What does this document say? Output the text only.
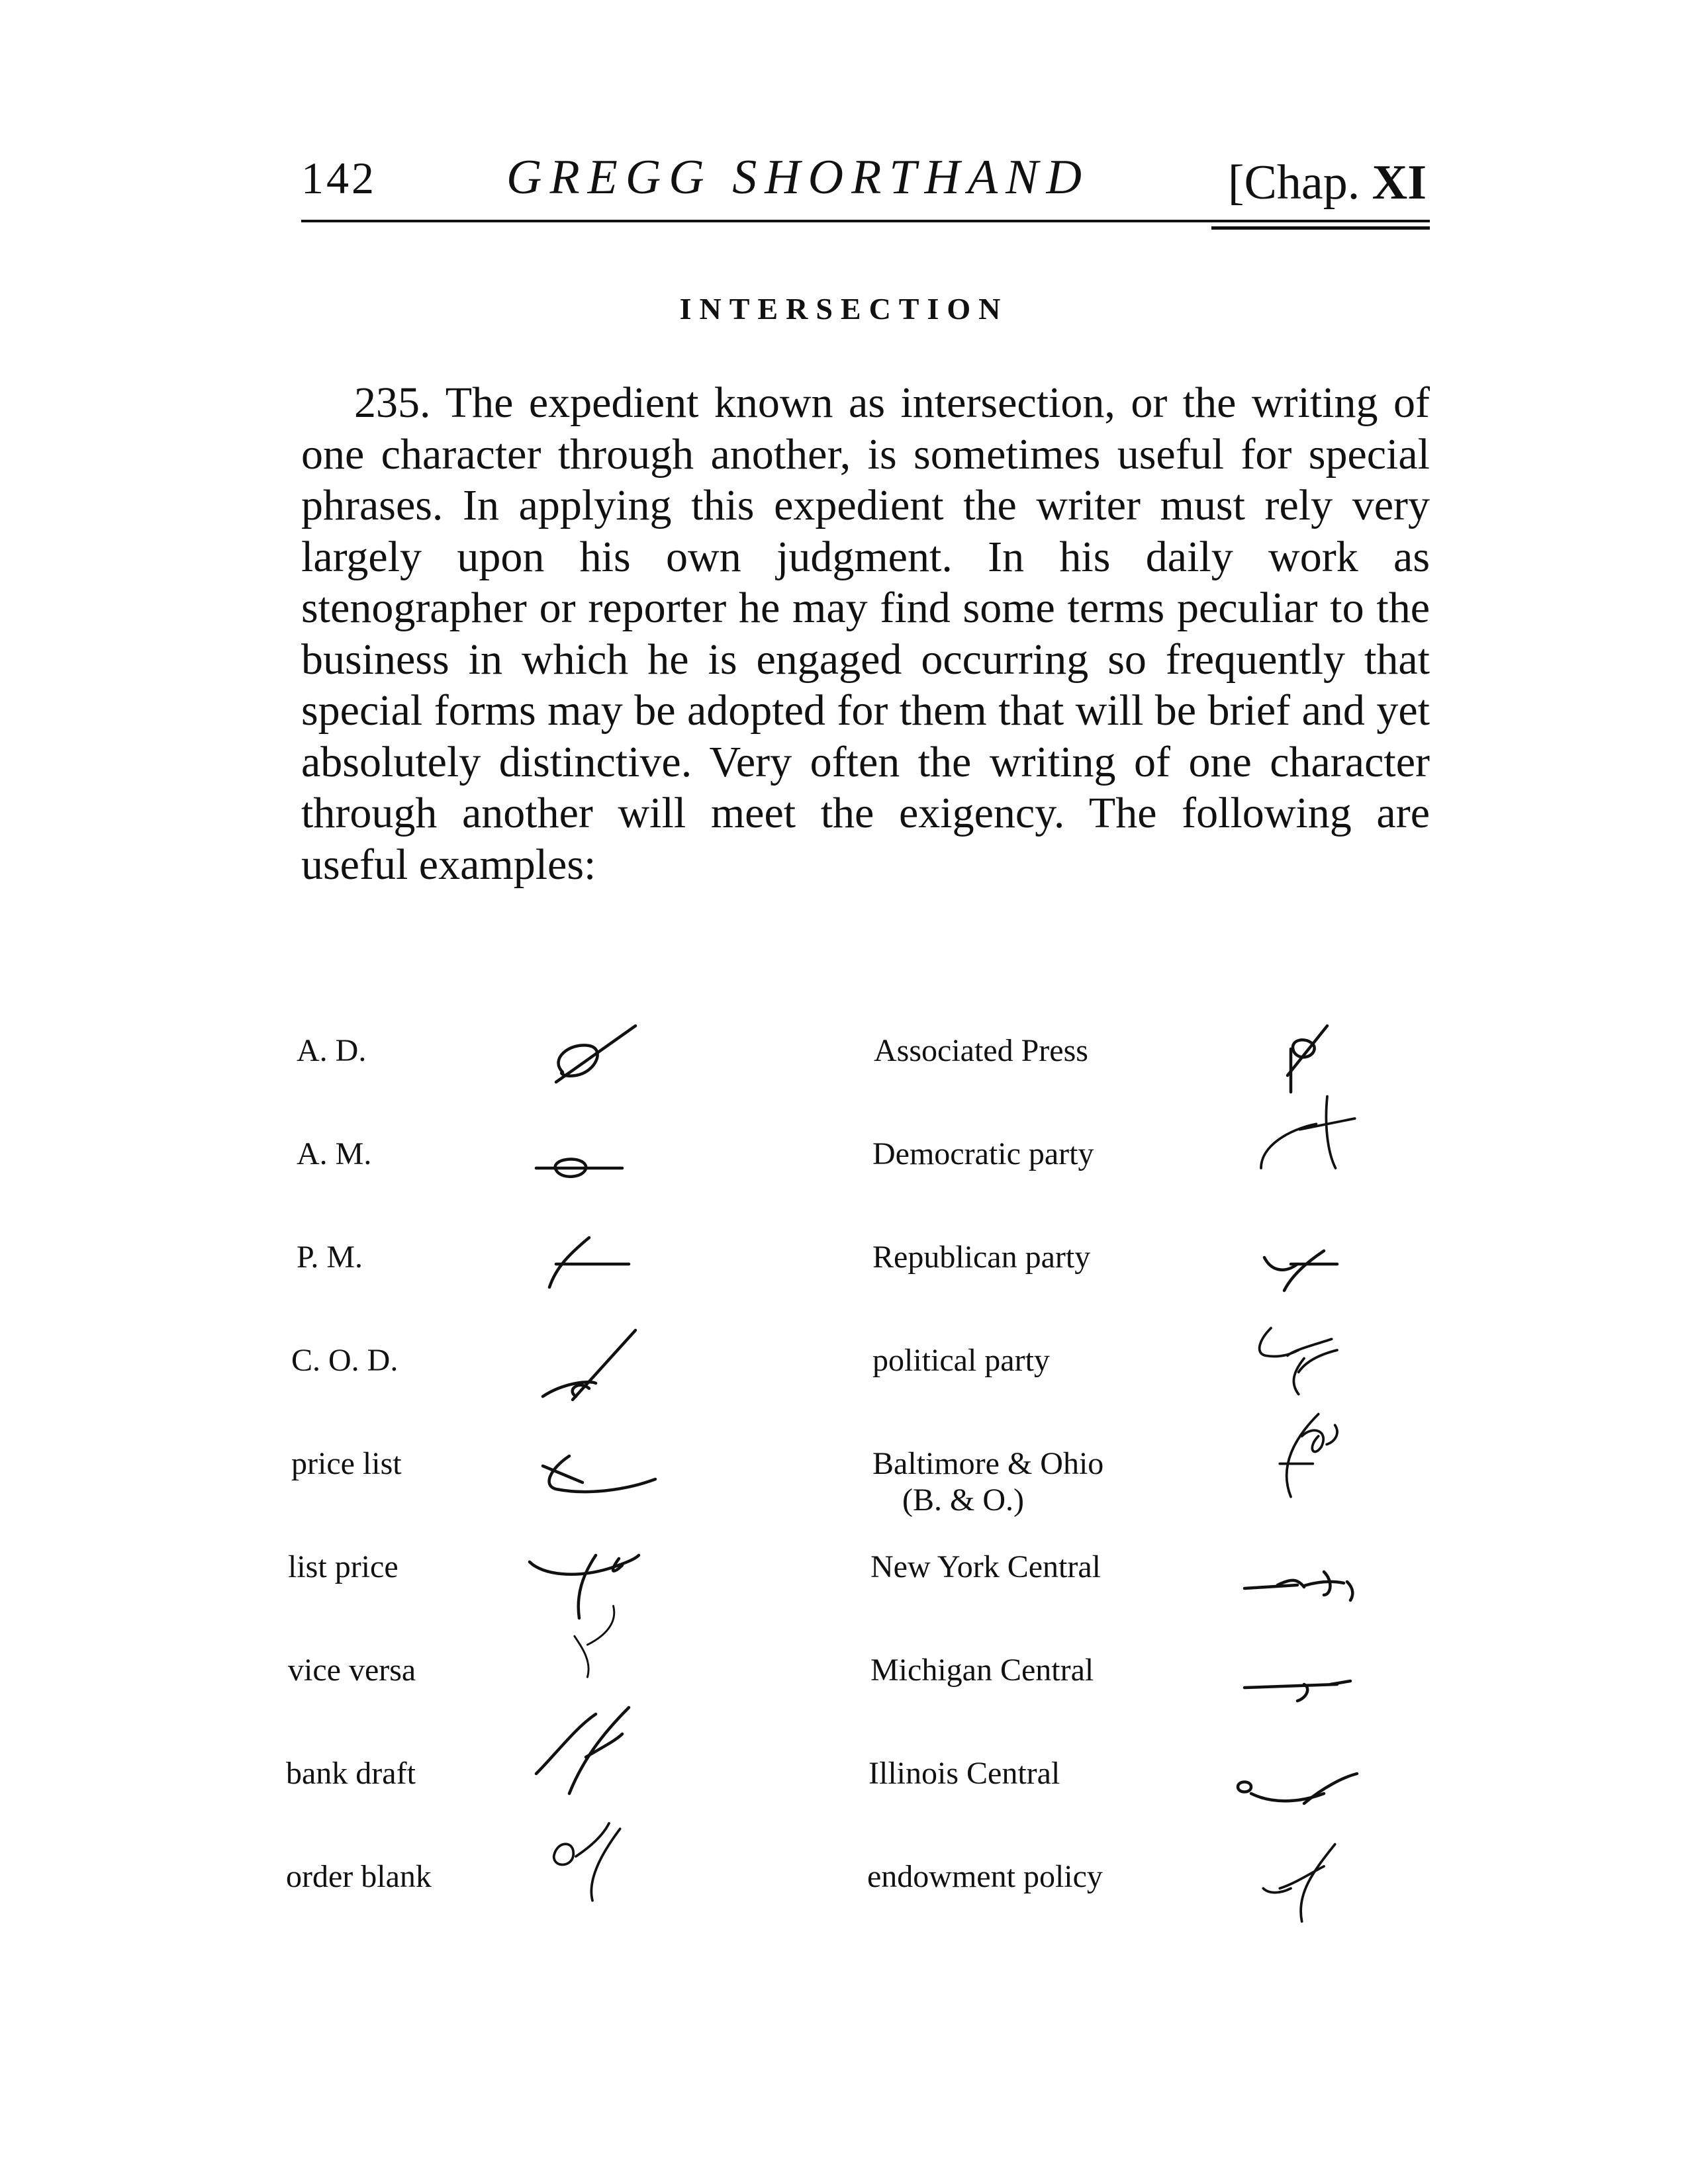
142	GREGG SHORTHAND	[Chap. XI
INTERSECTION
235. The expedient known as intersection, or the writing of one character through another, is sometimes useful for special phrases. In applying this expedient the writer must rely very largely upon his own judgment. In his daily work as stenographer or reporter he may find some terms peculiar to the business in which he is engaged occurring so frequently that special forms may be adopted for them that will be brief and yet absolutely distinctive. Very often the writing of one character through another will meet the exigency. The following are useful examples:
A. D.
A. M.
P. M.
C. O. D.
price list
list price
vice versa
bank draft
order blank
Associated Press
Democratic party
Republican party
political party
Baltimore & Ohio
(B. & O.)
New York Central
Michigan Central
Illinois Central
endowment policy
